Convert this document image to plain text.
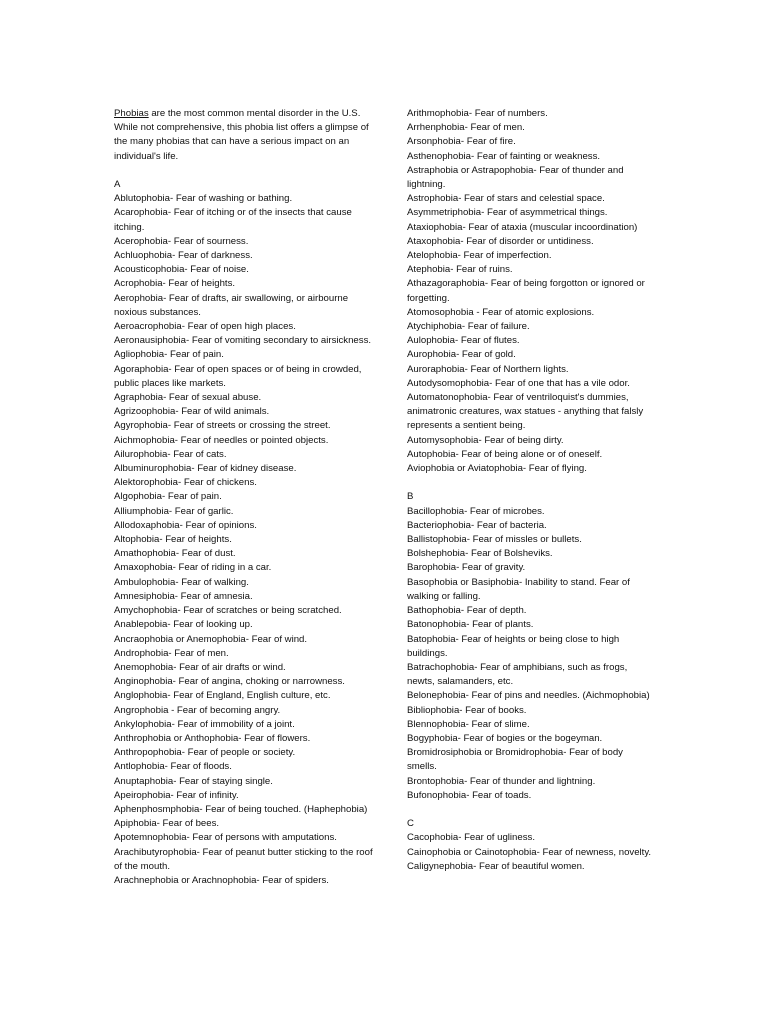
Phobias are the most common mental disorder in the U.S. While not comprehensive, this phobia list offers a glimpse of the many phobias that can have a serious impact on an individual's life.

A
Ablutophobia- Fear of washing or bathing.
Acarophobia- Fear of itching or of the insects that cause itching.
Acerophobia- Fear of sourness.
Achluophobia- Fear of darkness.
Acousticophobia- Fear of noise.
Acrophobia- Fear of heights.
Aerophobia- Fear of drafts, air swallowing, or airbourne noxious substances.
Aeroacrophobia- Fear of open high places.
Aeronausiphobia- Fear of vomiting secondary to airsickness.
Agliophobia- Fear of pain.
Agoraphobia- Fear of open spaces or of being in crowded, public places like markets.
Agraphobia- Fear of sexual abuse.
Agrizoophobia- Fear of wild animals.
Agyrophobia- Fear of streets or crossing the street.
Aichmophobia- Fear of needles or pointed objects.
Ailurophobia- Fear of cats.
Albuminurophobia- Fear of kidney disease.
Alektorophobia- Fear of chickens.
Algophobia- Fear of pain.
Alliumphobia- Fear of garlic.
Allodoxaphobia- Fear of opinions.
Altophobia- Fear of heights.
Amathophobia- Fear of dust.
Amaxophobia- Fear of riding in a car.
Ambulophobia- Fear of walking.
Amnesiphobia- Fear of amnesia.
Amychophobia- Fear of scratches or being scratched.
Anablepobia- Fear of looking up.
Ancraophobia or Anemophobia- Fear of wind.
Androphobia- Fear of men.
Anemophobia- Fear of air drafts or wind.
Anginophobia- Fear of angina, choking or narrowness.
Anglophobia- Fear of England, English culture, etc.
Angrophobia - Fear of becoming angry.
Ankylophobia- Fear of immobility of a joint.
Anthrophobia or Anthophobia- Fear of flowers.
Anthropophobia- Fear of people or society.
Antlophobia- Fear of floods.
Anuptaphobia- Fear of staying single.
Apeirophobia- Fear of infinity.
Aphenphosmphobia- Fear of being touched. (Haphephobia)
Apiphobia- Fear of bees.
Apotemnophobia- Fear of persons with amputations.
Arachibutyrophobia- Fear of peanut butter sticking to the roof of the mouth.
Arachnephobia or Arachnophobia- Fear of spiders.
Arithmophobia- Fear of numbers.
Arrhenphobia- Fear of men.
Arsonphobia- Fear of fire.
Asthenophobia- Fear of fainting or weakness.
Astraphobia or Astrapophobia- Fear of thunder and lightning.
Astrophobia- Fear of stars and celestial space.
Asymmetriphobia- Fear of asymmetrical things.
Ataxiophobia- Fear of ataxia (muscular incoordination)
Ataxophobia- Fear of disorder or untidiness.
Atelophobia- Fear of imperfection.
Atephobia- Fear of ruins.
Athazagoraphobia- Fear of being forgotton or ignored or forgetting.
Atomosophobia - Fear of atomic explosions.
Atychiphobia- Fear of failure.
Aulophobia- Fear of flutes.
Aurophobia- Fear of gold.
Auroraphobia- Fear of Northern lights.
Autodysomophobia- Fear of one that has a vile odor.
Automatonophobia- Fear of ventriloquist's dummies, animatronic creatures, wax statues - anything that falsly represents a sentient being.
Automysophobia- Fear of being dirty.
Autophobia- Fear of being alone or of oneself.
Aviophobia or Aviatophobia- Fear of flying.
B
Bacillophobia- Fear of microbes.
Bacteriophobia- Fear of bacteria.
Ballistophobia- Fear of missles or bullets.
Bolshephobia- Fear of Bolsheviks.
Barophobia- Fear of gravity.
Basophobia or Basiphobia- Inability to stand. Fear of walking or falling.
Bathophobia- Fear of depth.
Batonophobia- Fear of plants.
Batophobia- Fear of heights or being close to high buildings.
Batrachophobia- Fear of amphibians, such as frogs, newts, salamanders, etc.
Belonephobia- Fear of pins and needles. (Aichmophobia)
Bibliophobia- Fear of books.
Blennophobia- Fear of slime.
Bogyphobia- Fear of bogies or the bogeyman.
Bromidrosiphobia or Bromidrophobia- Fear of body smells.
Brontophobia- Fear of thunder and lightning.
Bufonophobia- Fear of toads.
C
Cacophobia- Fear of ugliness.
Cainophobia or Cainotophobia- Fear of newness, novelty.
Caligynephobia- Fear of beautiful women.
